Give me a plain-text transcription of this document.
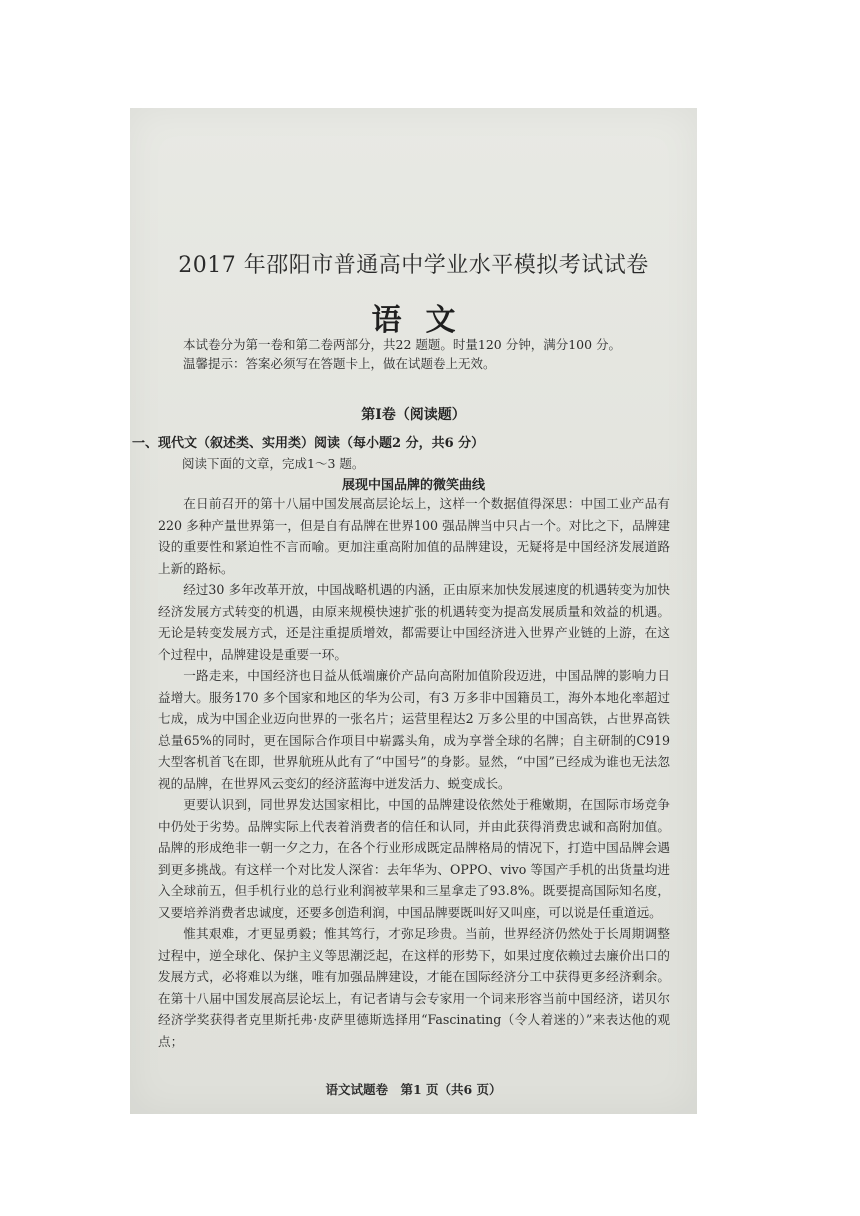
2017 年邵阳市普通高中学业水平模拟考试试卷
语文
本试卷分为第一卷和第二卷两部分，共22 题题。时量120 分钟，满分100 分。
温馨提示：答案必须写在答题卡上，做在试题卷上无效。
第Ⅰ卷（阅读题）
一、现代文（叙述类、实用类）阅读（每小题2 分，共6 分）
阅读下面的文章，完成1～3 题。
展现中国品牌的微笑曲线

在日前召开的第十八届中国发展高层论坛上，这样一个数据值得深思：中国工业产品有220 多种产量世界第一，但是自有品牌在世界100 强品牌当中只占一个。对比之下，品牌建设的重要性和紧迫性不言而喻。更加注重高附加值的品牌建设，无疑将是中国经济发展道路上新的路标。

经过30 多年改革开放，中国战略机遇的内涵，正由原来加快发展速度的机遇转变为加快经济发展方式转变的机遇，由原来规模快速扩张的机遇转变为提高发展质量和效益的机遇。无论是转变发展方式，还是注重提质增效，都需要让中国经济进入世界产业链的上游，在这个过程中，品牌建设是重要一环。

一路走来，中国经济也日益从低端廉价产品向高附加值阶段迈进，中国品牌的影响力日益增大。服务170 多个国家和地区的华为公司，有3 万多非中国籍员工，海外本地化率超过七成，成为中国企业迈向世界的一张名片；运营里程达2 万多公里的中国高铁，占世界高铁总量65%的同时，更在国际合作项目中崭露头角，成为享誉全球的名牌；自主研制的C919 大型客机首飞在即，世界航班从此有了“中国号”的身影。显然，“中国”已经成为谁也无法忽视的品牌，在世界风云变幻的经济蓝海中迸发活力、蜕变成长。

更要认识到，同世界发达国家相比，中国的品牌建设依然处于稚嫩期，在国际市场竞争中仍处于劣势。品牌实际上代表着消费者的信任和认同，并由此获得消费忠诚和高附加值。品牌的形成绝非一朝一夕之力，在各个行业形成既定品牌格局的情况下，打造中国品牌会遇到更多挑战。有这样一个对比发人深省：去年华为、OPPO、vivo 等国产手机的出货量均进入全球前五，但手机行业的总行业利润被苹果和三星拿走了93.8%。既要提高国际知名度，又要培养消费者忠诚度，还要多创造利润，中国品牌要既叫好又叫座，可以说是任重道远。

惟其艰难，才更显勇毅；惟其笃行，才弥足珍贵。当前，世界经济仍然处于长周期调整过程中，逆全球化、保护主义等思潮泛起，在这样的形势下，如果过度依赖过去廉价出口的发展方式，必将难以为继，唯有加强品牌建设，才能在国际经济分工中获得更多经济剩余。在第十八届中国发展高层论坛上，有记者请与会专家用一个词来形容当前中国经济，诺贝尔经济学奖获得者克里斯托弗·皮萨里德斯选择用“Fascinating（令人着迷的）”来表达他的观点；

语文试题卷　第1 页（共6 页）
